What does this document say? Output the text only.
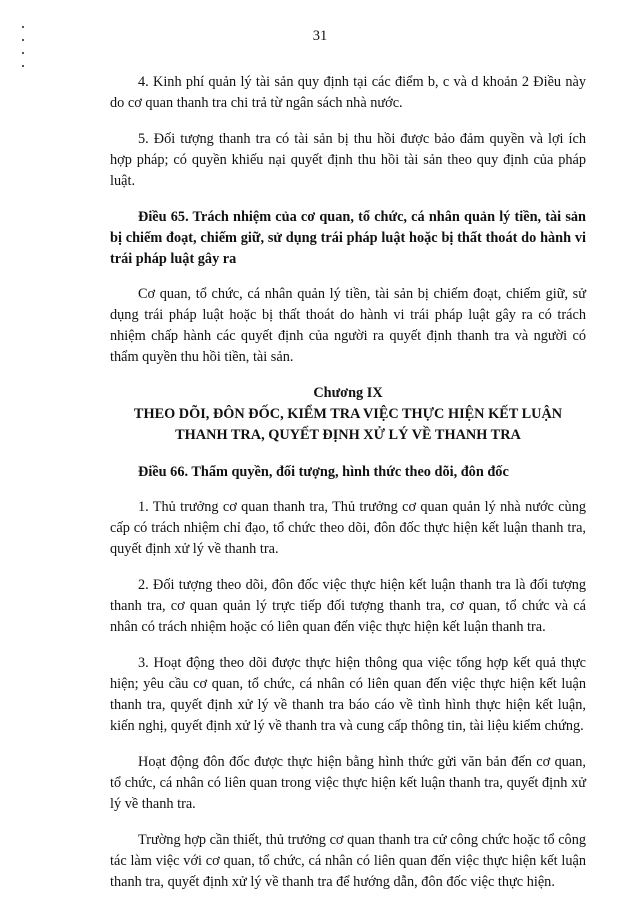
31

4. Kinh phí quản lý tài sản quy định tại các điểm b, c và d khoản 2 Điều này do cơ quan thanh tra chi trả từ ngân sách nhà nước.

5. Đối tượng thanh tra có tài sản bị thu hồi được bảo đảm quyền và lợi ích hợp pháp; có quyền khiếu nại quyết định thu hồi tài sản theo quy định của pháp luật.

Điều 65. Trách nhiệm của cơ quan, tổ chức, cá nhân quản lý tiền, tài sản bị chiếm đoạt, chiếm giữ, sử dụng trái pháp luật hoặc bị thất thoát do hành vi trái pháp luật gây ra

Cơ quan, tổ chức, cá nhân quản lý tiền, tài sản bị chiếm đoạt, chiếm giữ, sử dụng trái pháp luật hoặc bị thất thoát do hành vi trái pháp luật gây ra có trách nhiệm chấp hành các quyết định của người ra quyết định thanh tra và người có thẩm quyền thu hồi tiền, tài sản.

Chương IX

THEO DÕI, ĐÔN ĐỐC, KIỂM TRA VIỆC THỰC HIỆN KẾT LUẬN THANH TRA, QUYẾT ĐỊNH XỬ LÝ VỀ THANH TRA

Điều 66. Thẩm quyền, đối tượng, hình thức theo dõi, đôn đốc

1. Thủ trưởng cơ quan thanh tra, Thủ trưởng cơ quan quản lý nhà nước cùng cấp có trách nhiệm chỉ đạo, tổ chức theo dõi, đôn đốc thực hiện kết luận thanh tra, quyết định xử lý về thanh tra.

2. Đối tượng theo dõi, đôn đốc việc thực hiện kết luận thanh tra là đối tượng thanh tra, cơ quan quản lý trực tiếp đối tượng thanh tra, cơ quan, tổ chức và cá nhân có trách nhiệm hoặc có liên quan đến việc thực hiện kết luận thanh tra.

3. Hoạt động theo dõi được thực hiện thông qua việc tổng hợp kết quả thực hiện; yêu cầu cơ quan, tổ chức, cá nhân có liên quan đến việc thực hiện kết luận thanh tra, quyết định xử lý về thanh tra báo cáo về tình hình thực hiện kết luận, kiến nghị, quyết định xử lý về thanh tra và cung cấp thông tin, tài liệu kiểm chứng.

Hoạt động đôn đốc được thực hiện bằng hình thức gửi văn bản đến cơ quan, tổ chức, cá nhân có liên quan trong việc thực hiện kết luận thanh tra, quyết định xử lý về thanh tra.

Trường hợp cần thiết, thủ trưởng cơ quan thanh tra cử công chức hoặc tổ công tác làm việc với cơ quan, tổ chức, cá nhân có liên quan đến việc thực hiện kết luận thanh tra, quyết định xử lý về thanh tra để hướng dẫn, đôn đốc việc thực hiện.
